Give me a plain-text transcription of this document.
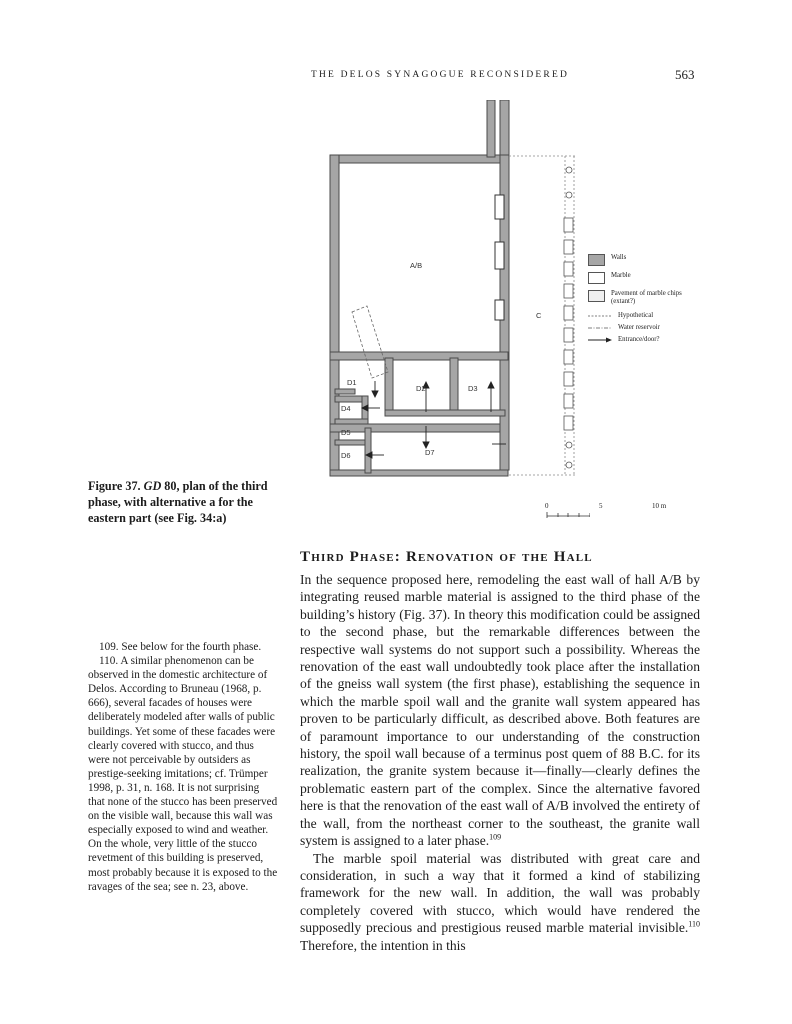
THE DELOS SYNAGOGUE RECONSIDERED	563
A/B
C
D1
D2	D3
D4
D5
D6	D7
0	5	10 m
Walls
Marble
Pavement of marble chips (extant?)
Hypothetical
Water reservoir
Entrance/door?
Figure 37. GD 80, plan of the third phase, with alternative a for the eastern part (see Fig. 34:a)
Third Phase: Renovation of the Hall

In the sequence proposed here, remodeling the east wall of hall A/B by integrating reused marble material is assigned to the third phase of the building’s history (Fig. 37). In theory this modification could be assigned to the second phase, but the remarkable differences between the respective wall systems do not support such a possibility. Whereas the renovation of the east wall undoubtedly took place after the installation of the gneiss wall system (the first phase), establishing the sequence in which the marble spoil wall and the granite wall system appeared has proven to be particularly difficult, as described above. Both features are of paramount importance to our understanding of the construction history, the spoil wall because of a terminus post quem of 88 B.C. for its realization, the granite system because it—finally—clearly defines the problematic eastern part of the complex. Since the alternative favored here is that the renovation of the east wall of A/B involved the entirety of the wall, from the northeast corner to the southeast, the granite wall system is assigned to a later phase.$^{109}$

The marble spoil material was distributed with great care and consideration, in such a way that it formed a kind of stabilizing framework for the new wall. In addition, the wall was probably completely covered with stucco, which would have rendered the supposedly precious and prestigious reused marble material invisible.$^{110}$ Therefore, the intention in this

109. See below for the fourth phase.

110. A similar phenomenon can be observed in the domestic architecture of Delos. According to Bruneau (1968, p. 666), several facades of houses were deliberately modeled after walls of public buildings. Yet some of these facades were clearly covered with stucco, and thus were not perceivable by outsiders as prestige-seeking imitations; cf. Trümper 1998, p. 31, n. 168. It is not surprising that none of the stucco has been preserved on the visible wall, because this wall was especially exposed to wind and weather. On the whole, very little of the stucco revetment of this building is preserved, most probably because it is exposed to the ravages of the sea; see n. 23, above.
